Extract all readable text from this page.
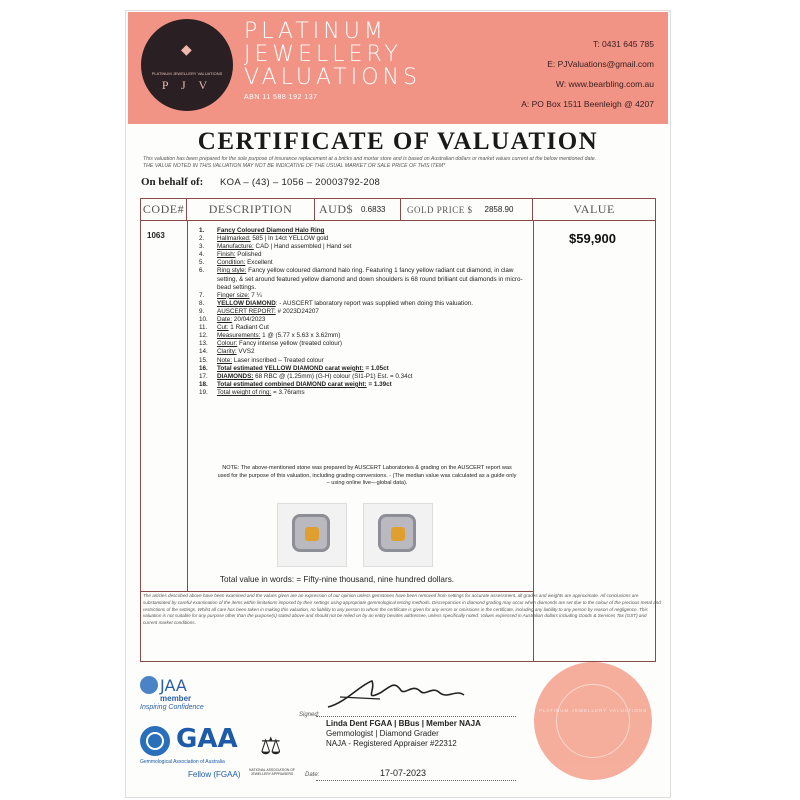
◆
PLATINUM JEWELLERY VALUATIONS
P J V
PLATINUM
JEWELLERY
VALUATIONS
ABN 11 588 192 137
T: 0431 645 785
E: PJValuations@gmail.com
W: www.bearbling.com.au
A: PO Box 1511 Beenleigh @ 4207
CERTIFICATE OF VALUATION
This valuation has been prepared for the sole purpose of insurance replacement at a bricks and mortar store and is based on Australian dollars or market values current at the below mentioned date.
THE VALUE NOTED IN THIS VALUATION MAY NOT BE INDICATIVE OF THE USUAL MARKET OR SALE PRICE OF THIS ITEM*
On behalf of: KOA – (43) – 1056 – 20003792-208
CODE# DESCRIPTION AUD$ 0.6833 GOLD PRICE $ 2858.90	VALUE
1063	$59,900
1.	Fancy Coloured Diamond Halo Ring
2.	Hallmarked: 585 | In 14ct YELLOW gold
3.	Manufacture: CAD | Hand assembled | Hand set
4.	Finish: Polished
5.	Condition: Excellent
6.	Ring style: Fancy yellow coloured diamond halo ring. Featuring 1 fancy yellow radiant cut diamond, in claw setting, & set around featured yellow diamond and down shoulders is 68 round brilliant cut diamonds in micro-bead settings.
7.	Finger size: 7 ¼
8.	YELLOW DIAMOND: - AUSCERT laboratory report was supplied when doing this valuation.
9.	AUSCERT REPORT: # 2023D24207
10.	Date: 20/04/2023
11.	Cut: 1 Radiant Cut
12.	Measurements: 1 @ (5.77 x 5.63 x 3.62mm)
13.	Colour: Fancy intense yellow (treated colour)
14.	Clarity: VVS2
15.	Note: Laser inscribed – Treated colour
16.	Total estimated YELLOW DIAMOND carat weight: = 1.05ct
17.	DIAMONDS: 68 RBC @ (1.25mm) (G-H) colour (SI1-P1) Est. = 0.34ct
18.	Total estimated combined DIAMOND carat weight: = 1.39ct
19.	Total weight of ring: = 3.76rams
NOTE: The above-mentioned stone was prepared by AUSCERT Laboratories & grading on the AUSCERT report was used for the purpose of this valuation, including grading conversions. - (The median value was calculated as a guide only – using online live—global data).
Total value in words: = Fifty-nine thousand, nine hundred dollars.
The articles described above have been examined and the values given are an expression of our opinion unless gemstones have been removed from settings for accurate assessment, all grades and weights are approximate. All conclusions are substantiated by careful examination of the items within limitations imposed by their settings using appropriate gemmological testing methods. Discrepancies in diamond grading may occur when diamonds are set due to the colour of the precious metal and restrictions of the settings. Whilst all care has been taken in making this valuation, no liability to any person to whom the certificate is given for any errors or omissions in the certificate, including any liability to any person by reason of negligence. This valuation is not suitable for any purpose other than the purpose(s) stated above and should not be relied on by an entity besides addressee, unless specifically noted. Values expressed in Australian dollars including Goods & Services Tax (GST) and current market conditions.
JAA
member
Inspiring Confidence
GAA
Gemmological Association of Australia
Fellow (FGAA)
⚖
NATIONAL ASSOCIATION OF JEWELLERY APPRAISERS
Signed:
Linda Dent FGAA | BBus | Member NAJA
Gemmologist | Diamond Grader
NAJA - Registered Appraiser #22312
Date:	17-07-2023
PLATINUM JEWELLERY VALUATIONS
